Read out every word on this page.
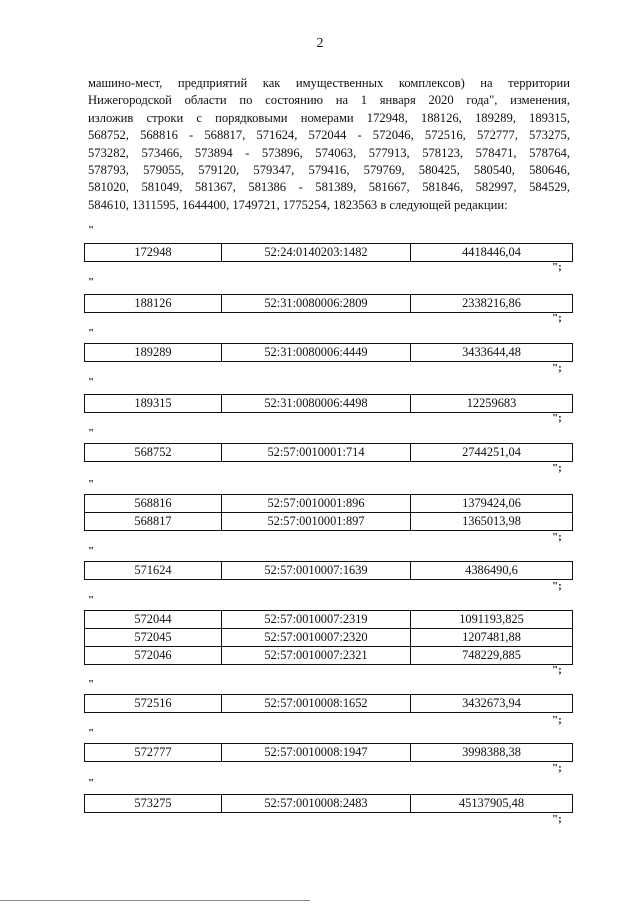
2
машино-мест, предприятий как имущественных комплексов) на территории
Нижегородской области по состоянию на 1 января 2020 года", изменения,
изложив строки с порядковыми номерами 172948, 188126, 189289, 189315,
568752, 568816 - 568817, 571624, 572044 - 572046, 572516, 572777, 573275,
573282, 573466, 573894 - 573896, 574063, 577913, 578123, 578471, 578764,
578793, 579055, 579120, 579347, 579416, 579769, 580425, 580540, 580646,
581020, 581049, 581367, 581386 - 581389, 581667, 581846, 582997, 584529,
584610, 1311595, 1644400, 1749721, 1775254, 1823563 в следующей редакции:
"
172948	52:24:0140203:1482	4418446,04
";
"
188126	52:31:0080006:2809	2338216,86
";
"
189289	52:31:0080006:4449	3433644,48
";
"
189315	52:31:0080006:4498	12259683
";
"
568752	52:57:0010001:714	2744251,04
";
"
568816	52:57:0010001:896	1379424,06
568817	52:57:0010001:897	1365013,98
";
"
571624	52:57:0010007:1639	4386490,6
";
"
572044	52:57:0010007:2319	1091193,825
572045	52:57:0010007:2320	1207481,88
572046	52:57:0010007:2321	748229,885
";
"
572516	52:57:0010008:1652	3432673,94
";
"
572777	52:57:0010008:1947	3998388,38
";
"
573275	52:57:0010008:2483	45137905,48
";
